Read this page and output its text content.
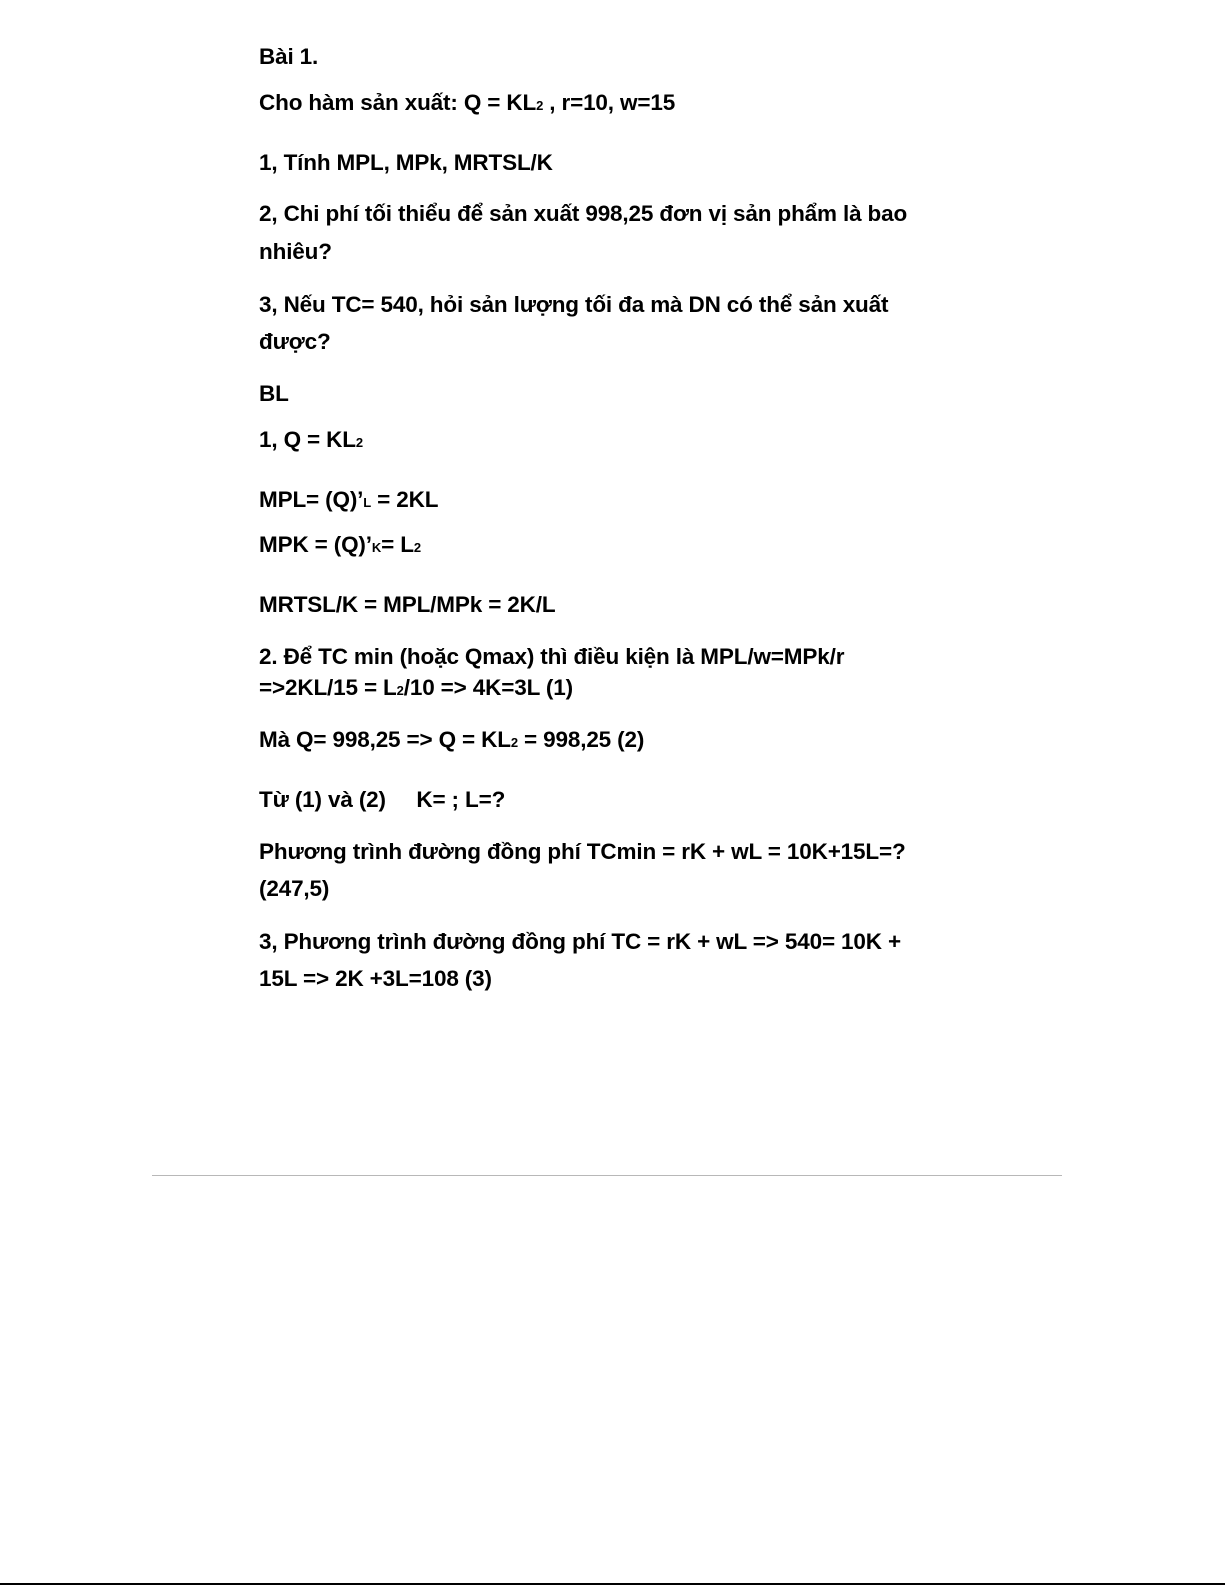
Bài 1.
Cho hàm sản xuất: Q = KL2 , r=10, w=15
1, Tính MPL, MPk, MRTSL/K
2, Chi phí tối thiểu để sản xuất 998,25 đơn vị sản phẩm là bao
nhiêu?
3, Nếu TC= 540, hỏi sản lượng tối đa mà DN có thể sản xuất
được?
BL
1, Q = KL2
MPL= (Q)’L = 2KL
MPK = (Q)’K= L2
MRTSL/K = MPL/MPk = 2K/L
2. Để TC min (hoặc Qmax) thì điều kiện là MPL/w=MPk/r
=>2KL/15 = L2/10 => 4K=3L (1)
Mà Q= 998,25 => Q = KL2 = 998,25 (2)
Từ (1) và (2)     K= ; L=?
Phương trình đường đồng phí TCmin = rK + wL = 10K+15L=?
(247,5)
3, Phương trình đường đồng phí TC = rK + wL => 540= 10K +
15L => 2K +3L=108 (3)
